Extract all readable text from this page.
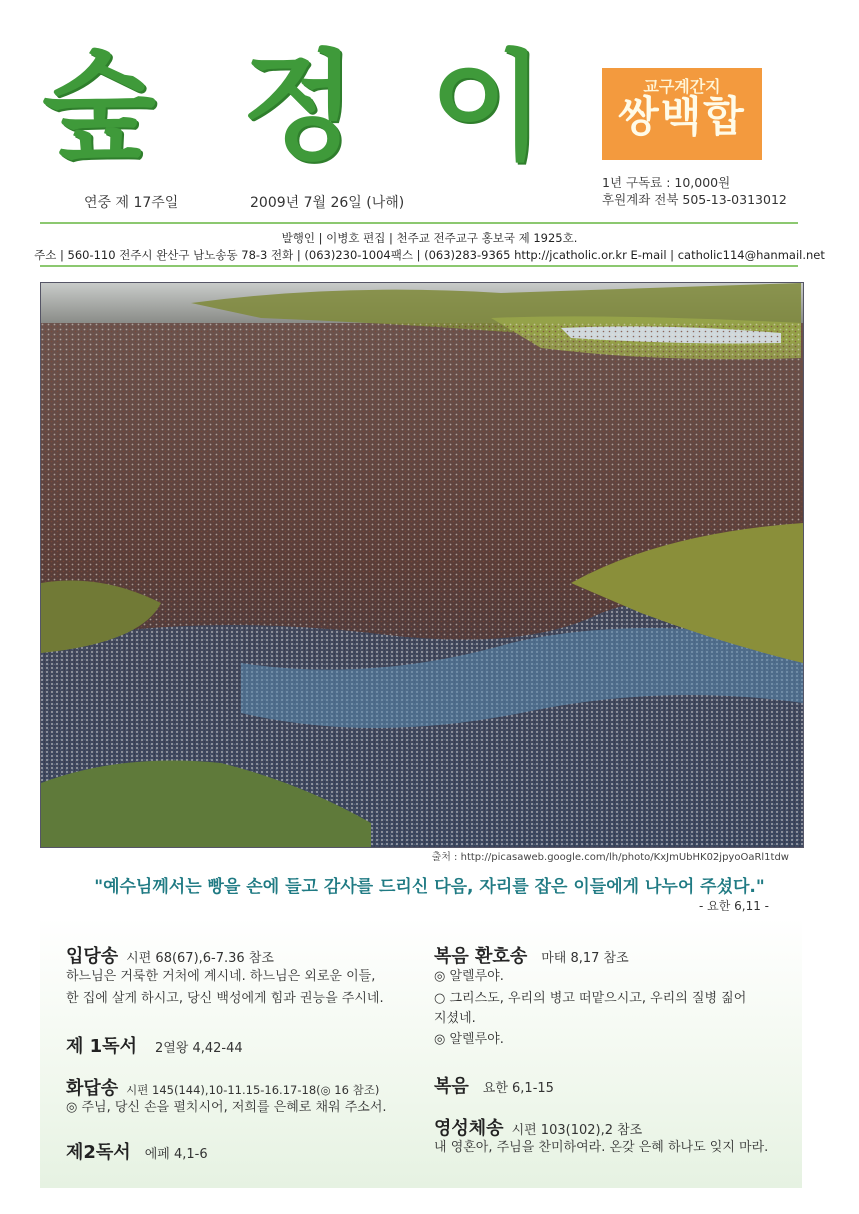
숲 정 이	교구계간지
쌍백합
1년 구독료 : 10,000원
후원계좌 전북 505-13-0313012
연중 제 17주일	2009년 7월 26일 (나해)
발행인 | 이병호 편집 | 천주교 전주교구 홍보국 제 1925호.
주소 | 560-110 전주시 완산구 남노송동 78-3 전화 | (063)230-1004팩스 | (063)283-9365 http://jcatholic.or.kr E-mail | catholic114@hanmail.net
출처 : http://picasaweb.google.com/lh/photo/KxJmUbHK02jpyoOaRl1tdw
"예수님께서는 빵을 손에 들고 감사를 드리신 다음, 자리를 잡은 이들에게 나누어 주셨다."
- 요한 6,11 -
입당송 시편 68(67),6-7.36 참조
하느님은 거룩한 거처에 계시네. 하느님은 외로운 이들,
한 집에 살게 하시고, 당신 백성에게 힘과 권능을 주시네.
제 1독서 2열왕 4,42-44
화답송 시편 145(144),10-11.15-16.17-18(◎ 16 참조)
◎ 주님, 당신 손을 펼치시어, 저희를 은혜로 채워 주소서.
제2독서 에페 4,1-6
복음 환호송 마태 8,17 참조
◎ 알렐루야.
○ 그리스도, 우리의 병고 떠맡으시고, 우리의 질병 짊어
지셨네.
◎ 알렐루야.
복음 요한 6,1-15
영성체송 시편 103(102),2 참조
내 영혼아, 주님을 찬미하여라. 온갖 은혜 하나도 잊지 마라.
